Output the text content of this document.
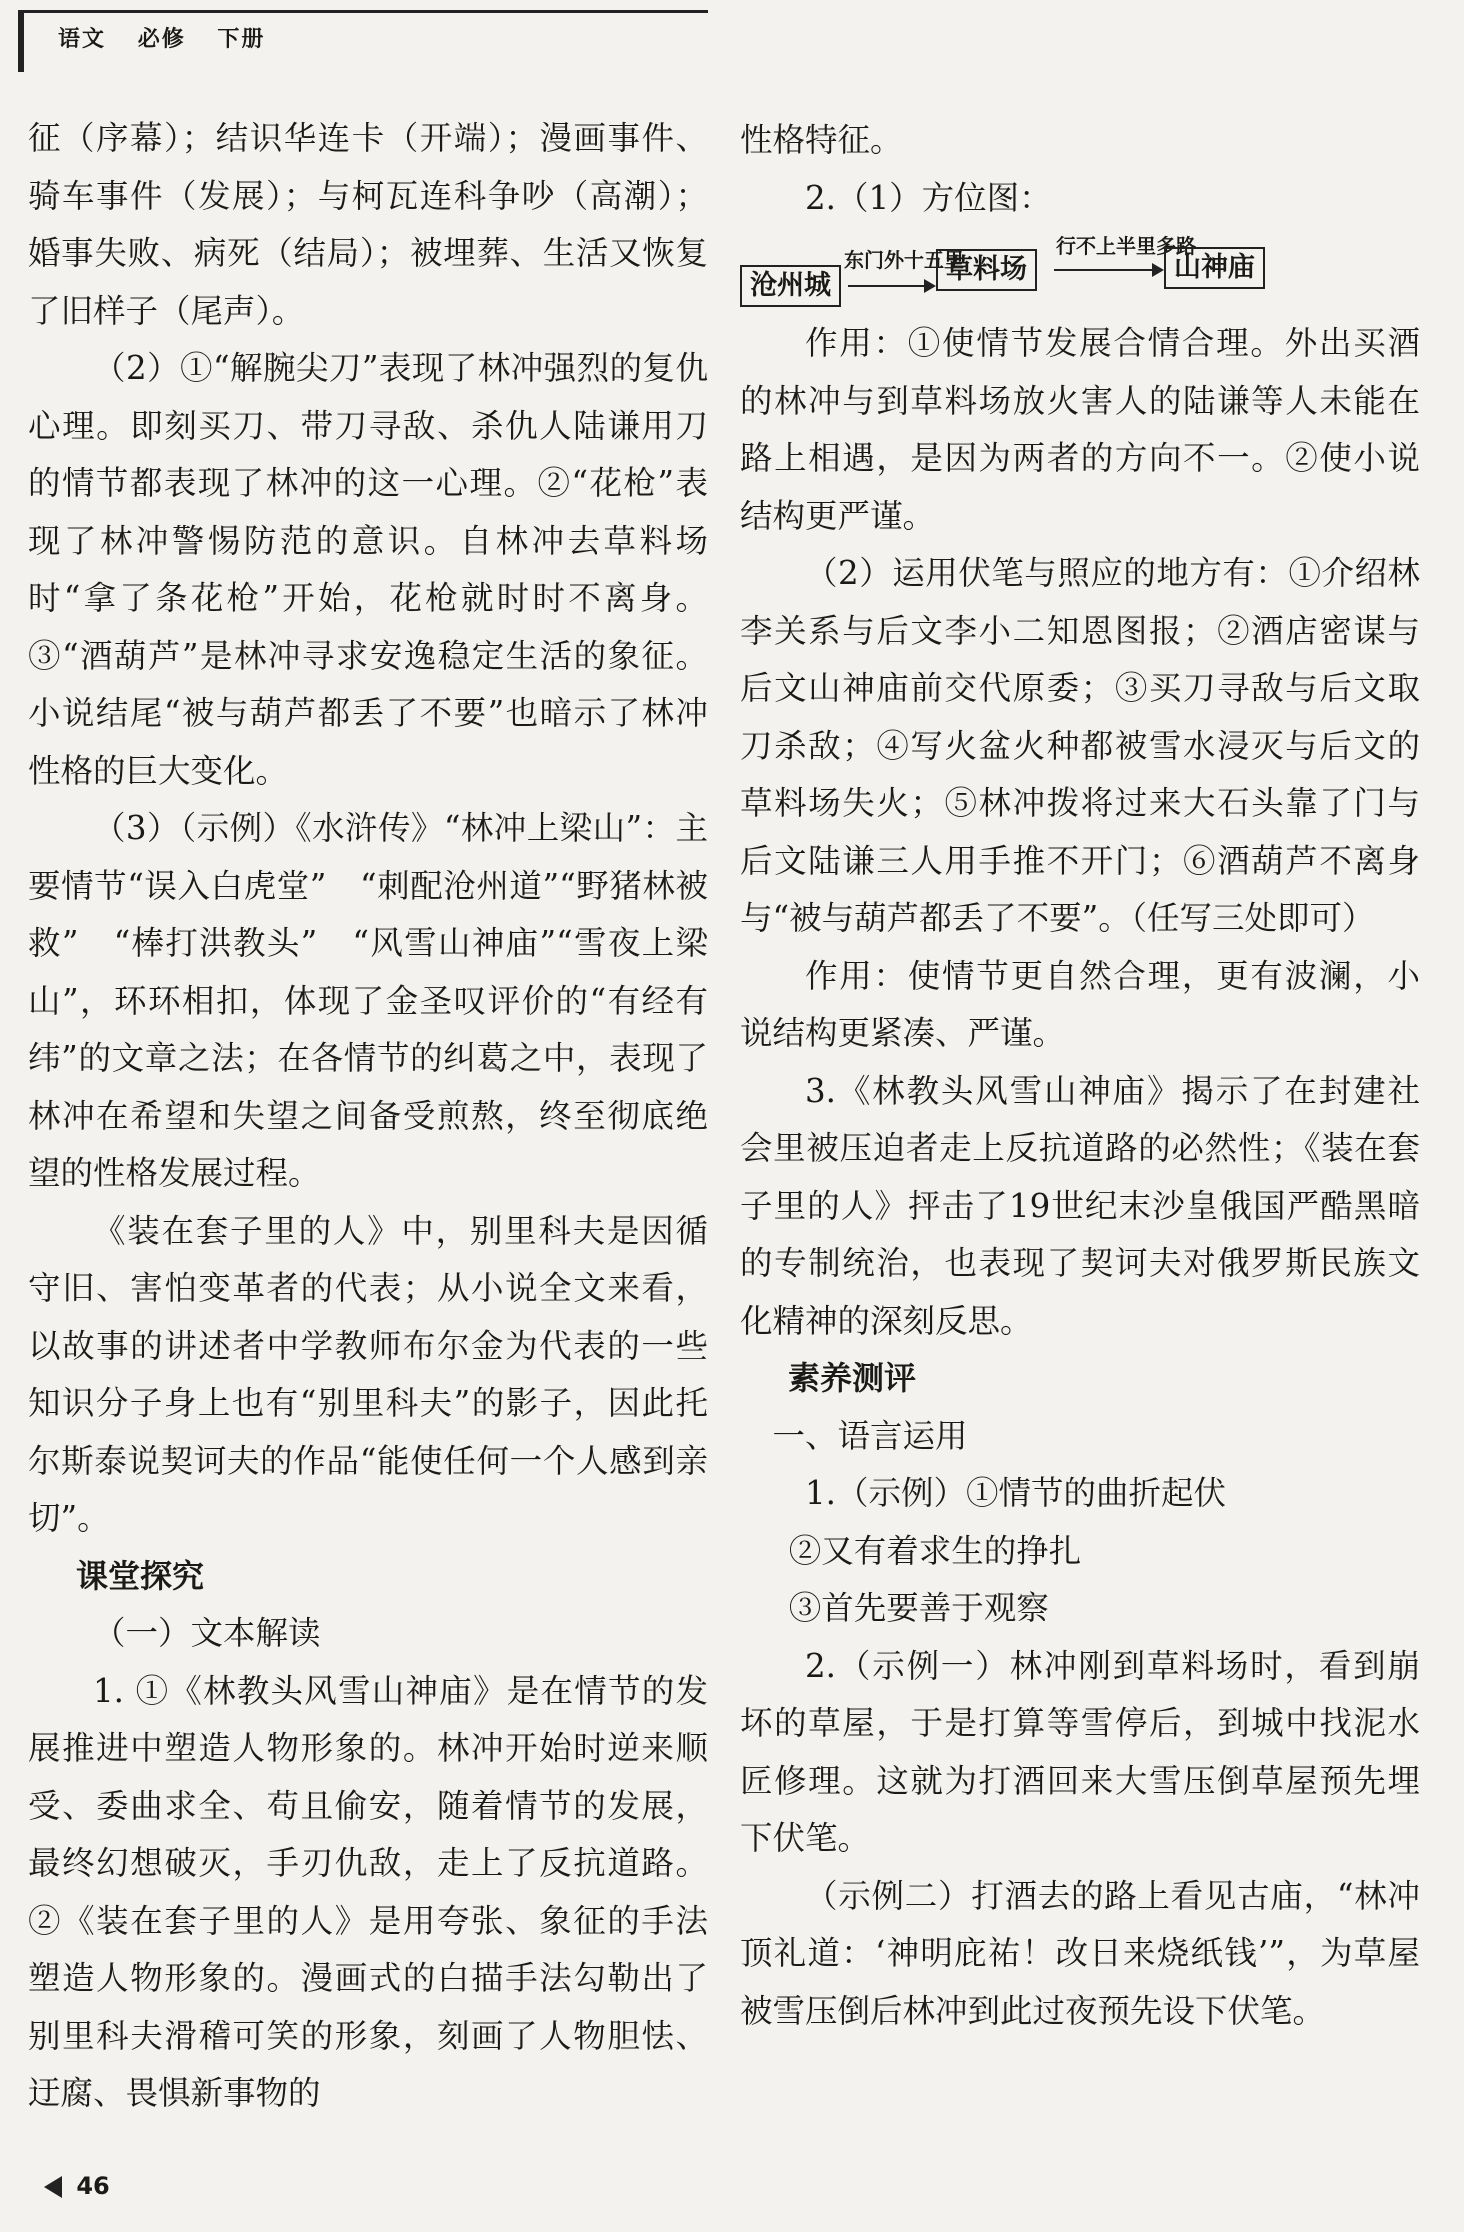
语文 必修 下册

征（序幕）；结识华连卡（开端）；漫画事件、骑车事件（发展）；与柯瓦连科争吵（高潮）；婚事失败、病死（结局）；被埋葬、生活又恢复了旧样子（尾声）。

（2）①“解腕尖刀”表现了林冲强烈的复仇心理。即刻买刀、带刀寻敌、杀仇人陆谦用刀的情节都表现了林冲的这一心理。②“花枪”表现了林冲警惕防范的意识。自林冲去草料场时“拿了条花枪”开始，花枪就时时不离身。③“酒葫芦”是林冲寻求安逸稳定生活的象征。小说结尾“被与葫芦都丢了不要”也暗示了林冲性格的巨大变化。

（3）（示例）《水浒传》“林冲上梁山”：主要情节“误入白虎堂”　“刺配沧州道”“野猪林被救”　“棒打洪教头”　“风雪山神庙”“雪夜上梁山”，环环相扣，体现了金圣叹评价的“有经有纬”的文章之法；在各情节的纠葛之中，表现了林冲在希望和失望之间备受煎熬，终至彻底绝望的性格发展过程。

《装在套子里的人》中，别里科夫是因循守旧、害怕变革者的代表；从小说全文来看，以故事的讲述者中学教师布尔金为代表的一些知识分子身上也有“别里科夫”的影子，因此托尔斯泰说契诃夫的作品“能使任何一个人感到亲切”。

课堂探究

（一）文本解读

1. ①《林教头风雪山神庙》是在情节的发展推进中塑造人物形象的。林冲开始时逆来顺受、委曲求全、苟且偷安，随着情节的发展，最终幻想破灭，手刃仇敌，走上了反抗道路。②《装在套子里的人》是用夸张、象征的手法塑造人物形象的。漫画式的白描手法勾勒出了别里科夫滑稽可笑的形象，刻画了人物胆怯、迂腐、畏惧新事物的

性格特征。

2.（1）方位图：

沧州城
东门外十五里
草料场
行不上半里多路
山神庙

作用：①使情节发展合情合理。外出买酒的林冲与到草料场放火害人的陆谦等人未能在路上相遇，是因为两者的方向不一。②使小说结构更严谨。

（2）运用伏笔与照应的地方有：①介绍林李关系与后文李小二知恩图报；②酒店密谋与后文山神庙前交代原委；③买刀寻敌与后文取刀杀敌；④写火盆火种都被雪水浸灭与后文的草料场失火；⑤林冲拨将过来大石头靠了门与后文陆谦三人用手推不开门；⑥酒葫芦不离身与“被与葫芦都丢了不要”。（任写三处即可）

作用：使情节更自然合理，更有波澜，小说结构更紧凑、严谨。

3.《林教头风雪山神庙》揭示了在封建社会里被压迫者走上反抗道路的必然性；《装在套子里的人》抨击了19世纪末沙皇俄国严酷黑暗的专制统治，也表现了契诃夫对俄罗斯民族文化精神的深刻反思。

素养测评

一、语言运用

1.（示例）①情节的曲折起伏

②又有着求生的挣扎

③首先要善于观察

2.（示例一）林冲刚到草料场时，看到崩坏的草屋，于是打算等雪停后，到城中找泥水匠修理。这就为打酒回来大雪压倒草屋预先埋下伏笔。

（示例二）打酒去的路上看见古庙，“林冲顶礼道：‘神明庇祐！改日来烧纸钱’”，为草屋被雪压倒后林冲到此过夜预先设下伏笔。

46
